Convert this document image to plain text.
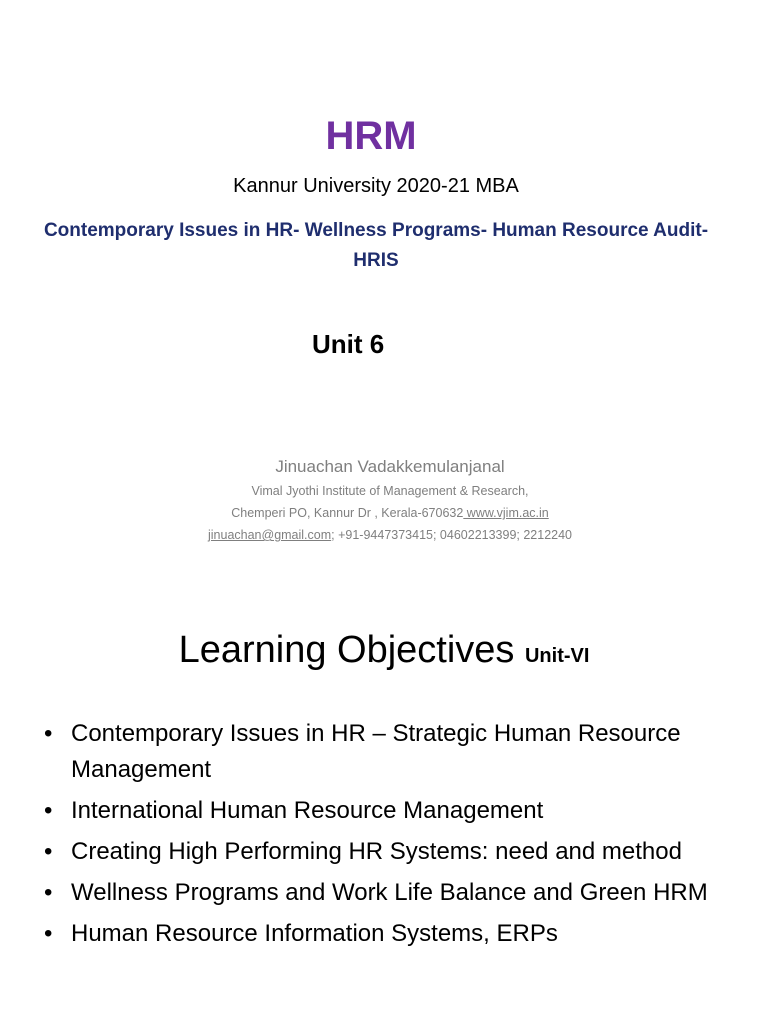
HRM
Kannur University 2020-21 MBA
Contemporary Issues in HR- Wellness Programs- Human Resource Audit- HRIS
Unit 6
Jinuachan Vadakkemulanjanal
Vimal Jyothi Institute of Management & Research,
Chemperi PO, Kannur Dr , Kerala-670632 www.vjim.ac.in
jinuachan@gmail.com; +91-9447373415; 04602213399; 2212240
Learning Objectives Unit-VI
• Contemporary Issues in HR – Strategic Human Resource Management
• International Human Resource Management
• Creating High Performing HR Systems: need and method
• Wellness Programs and Work Life Balance and Green HRM
• Human Resource Information Systems, ERPs
